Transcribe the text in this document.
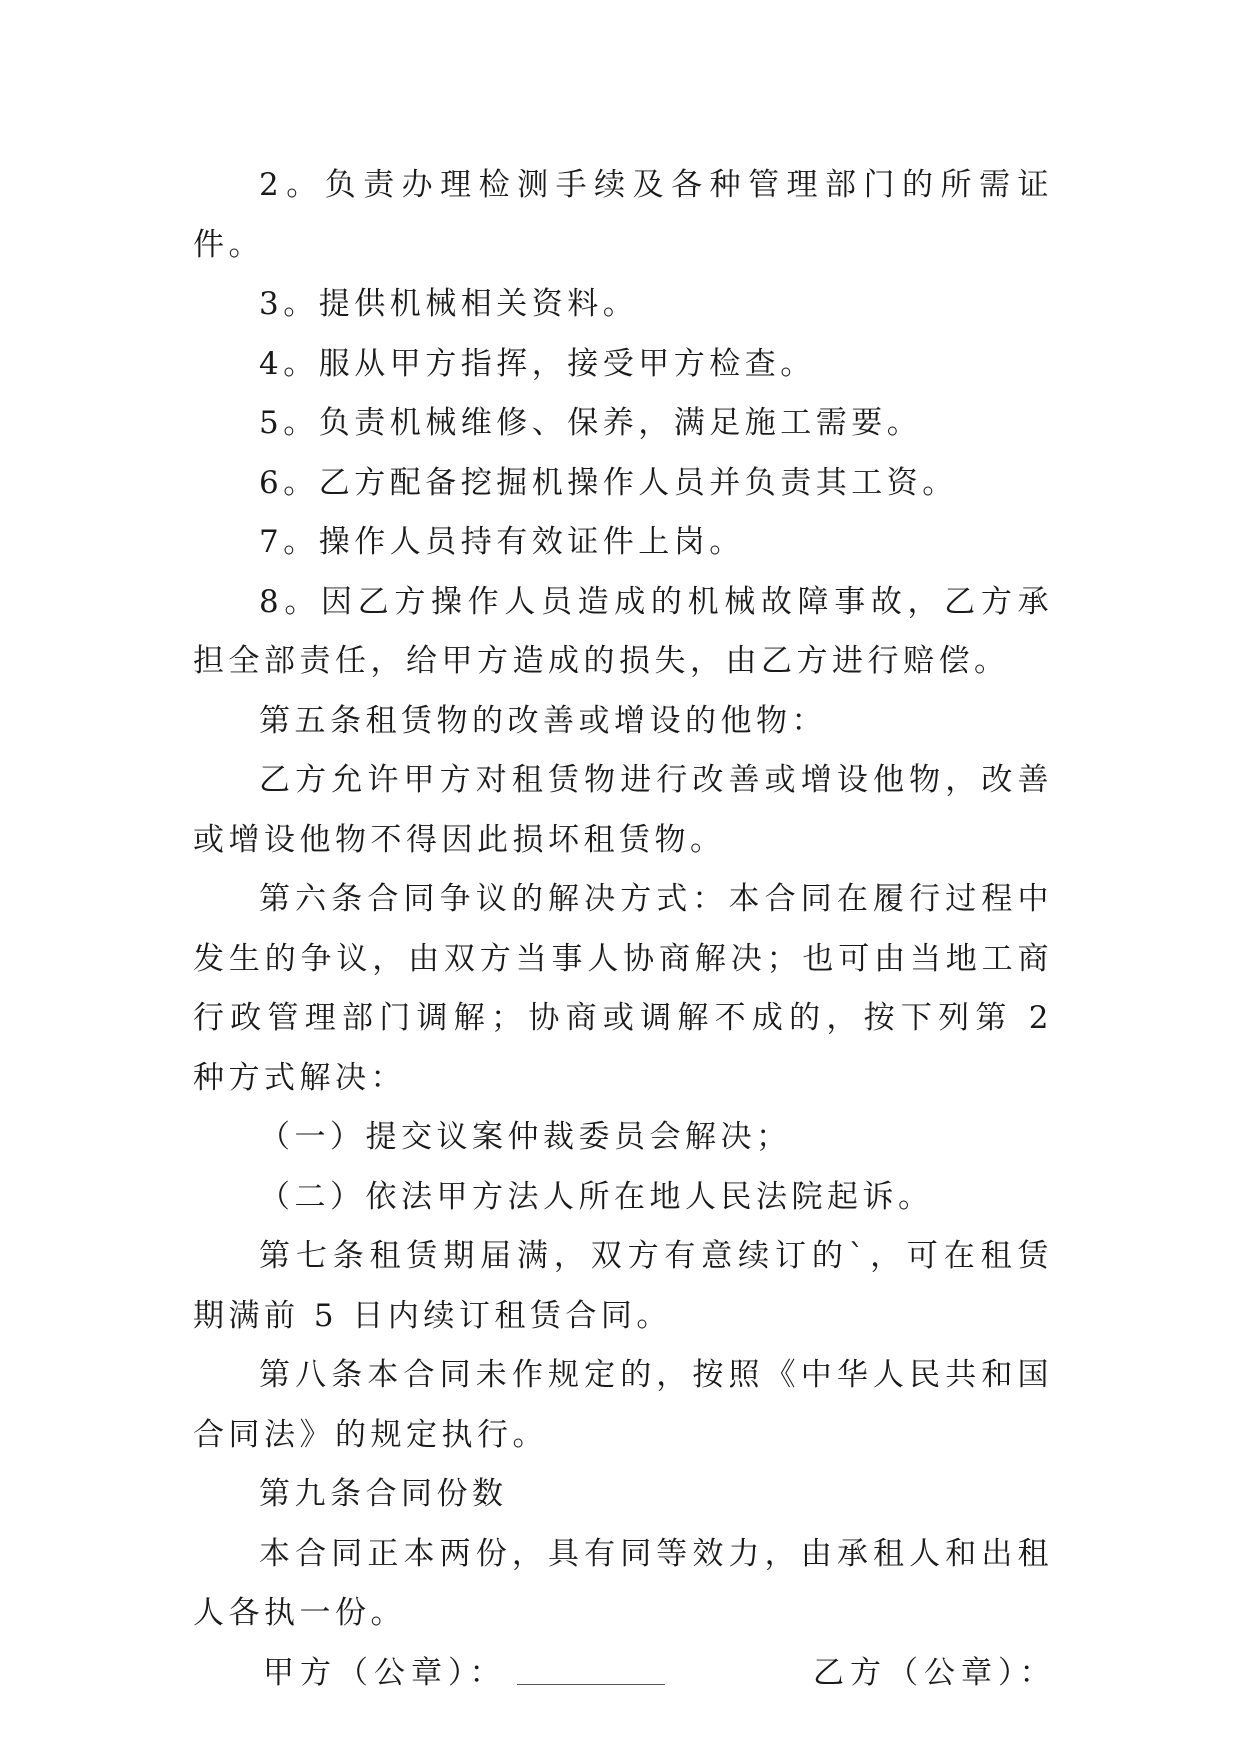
2。负责办理检测手续及各种管理部门的所需证件。

3。提供机械相关资料。

4。服从甲方指挥，接受甲方检查。

5。负责机械维修、保养，满足施工需要。

6。乙方配备挖掘机操作人员并负责其工资。

7。操作人员持有效证件上岗。

8。因乙方操作人员造成的机械故障事故，乙方承担全部责任，给甲方造成的损失，由乙方进行赔偿。

第五条租赁物的改善或增设的他物：

乙方允许甲方对租赁物进行改善或增设他物，改善或增设他物不得因此损坏租赁物。

第六条合同争议的解决方式：本合同在履行过程中发生的争议，由双方当事人协商解决；也可由当地工商行政管理部门调解；协商或调解不成的，按下列第 2 种方式解决：

（一）提交议案仲裁委员会解决；

（二）依法甲方法人所在地人民法院起诉。

第七条租赁期届满，双方有意续订的`，可在租赁期满前 5 日内续订租赁合同。

第八条本合同未作规定的，按照《中华人民共和国合同法》的规定执行。

第九条合同份数

本合同正本两份，具有同等效力，由承租人和出租人各执一份。

甲方（公章）：	乙方（公章）：
